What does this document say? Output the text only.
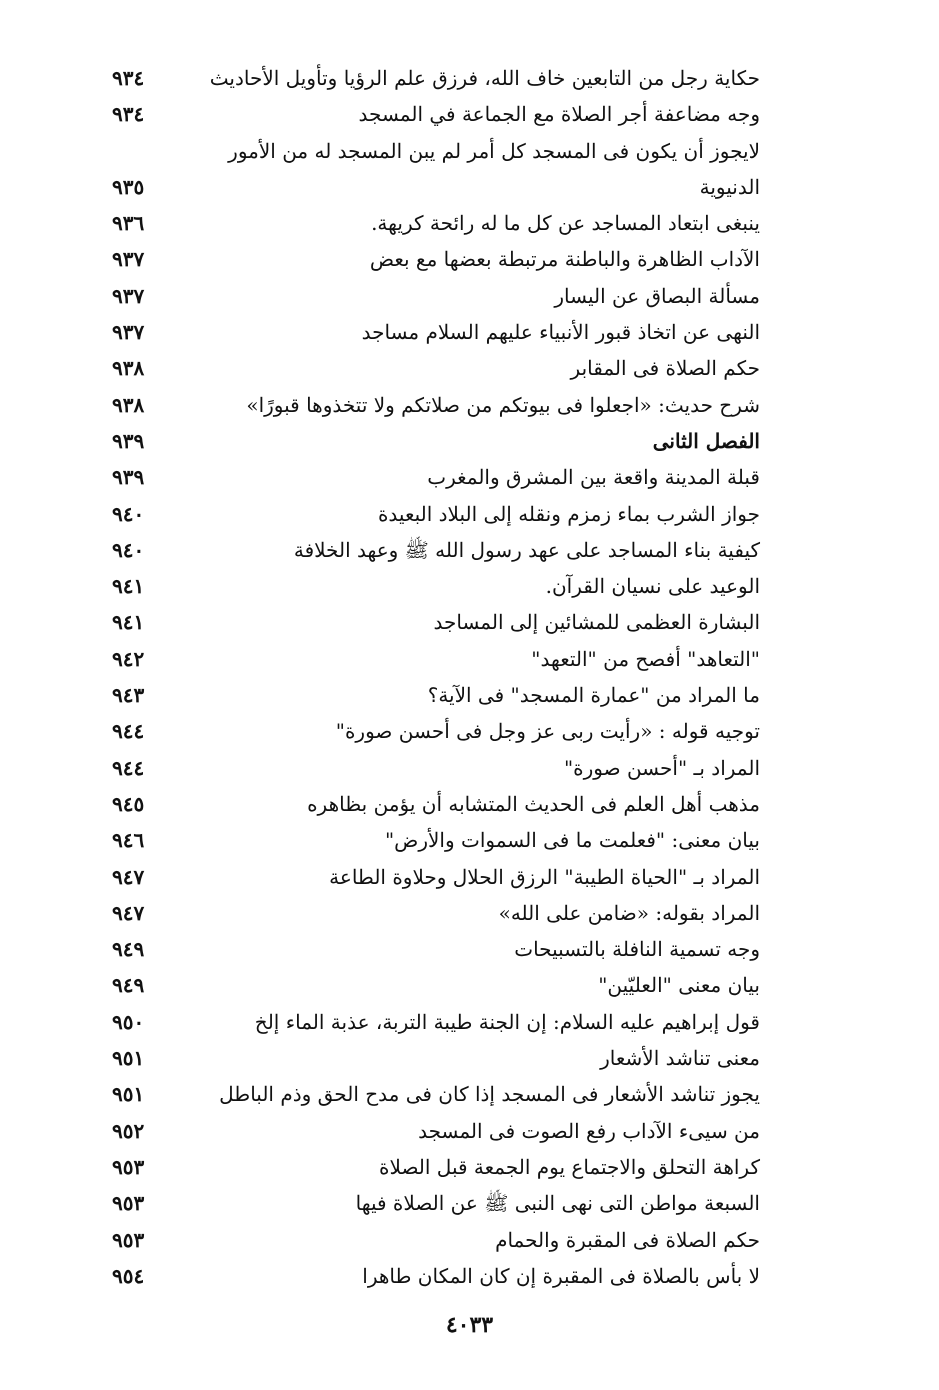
حكاية رجل من التابعين خاف الله، فرزق علم الرؤيا وتأويل الأحاديث
٩٣٤
وجه مضاعفة أجر الصلاة مع الجماعة في المسجد
٩٣٤
لايجوز أن يكون فى المسجد كل أمر لم يبن المسجد له من الأمور الدنيوية
٩٣٥
ينبغى ابتعاد المساجد عن كل ما له رائحة كريهة.
٩٣٦
الآداب الظاهرة والباطنة مرتبطة بعضها مع بعض
٩٣٧
مسألة البصاق عن اليسار
٩٣٧
النهى عن اتخاذ قبور الأنبياء عليهم السلام مساجد
٩٣٧
حكم الصلاة فى المقابر
٩٣٨
شرح حديث: «اجعلوا فى بيوتكم من صلاتكم ولا تتخذوها قبورًا»
٩٣٨
الفصل الثانى
٩٣٩
قبلة المدينة واقعة بين المشرق والمغرب
٩٣٩
جواز الشرب بماء زمزم ونقله إلى البلاد البعيدة
٩٤٠
كيفية بناء المساجد على عهد رسول الله ﷺ وعهد الخلافة
٩٤٠
الوعيد على نسيان القرآن.
٩٤١
البشارة العظمى للمشائين إلى المساجد
٩٤١
"التعاهد" أفصح من "التعهد"
٩٤٢
ما المراد من "عمارة المسجد" فى الآية؟
٩٤٣
توجيه قوله : «رأيت ربى عز وجل فى أحسن صورة"
٩٤٤
المراد بـ "أحسن صورة"
٩٤٤
مذهب أهل العلم فى الحديث المتشابه أن يؤمن بظاهره
٩٤٥
بيان معنى: "فعلمت ما فى السموات والأرض"
٩٤٦
المراد بـ "الحياة الطيبة" الرزق الحلال وحلاوة الطاعة
٩٤٧
المراد بقوله: «ضامن على الله»
٩٤٧
وجه تسمية النافلة بالتسبيحات
٩٤٩
بيان معنى "العليّين"
٩٤٩
قول إبراهيم عليه السلام: إن الجنة طيبة التربة، عذبة الماء إلخ
٩٥٠
معنى تناشد الأشعار
٩٥١
يجوز تناشد الأشعار فى المسجد إذا كان فى مدح الحق وذم الباطل
٩٥١
من سيىء الآداب رفع الصوت فى المسجد
٩٥٢
كراهة التحلق والاجتماع يوم الجمعة قبل الصلاة
٩٥٣
السبعة مواطن التى نهى النبى ﷺ عن الصلاة فيها
٩٥٣
حكم الصلاة فى المقبرة والحمام
٩٥٣
لا بأس بالصلاة فى المقبرة إن كان المكان طاهرا
٩٥٤
٤٠٣٣
